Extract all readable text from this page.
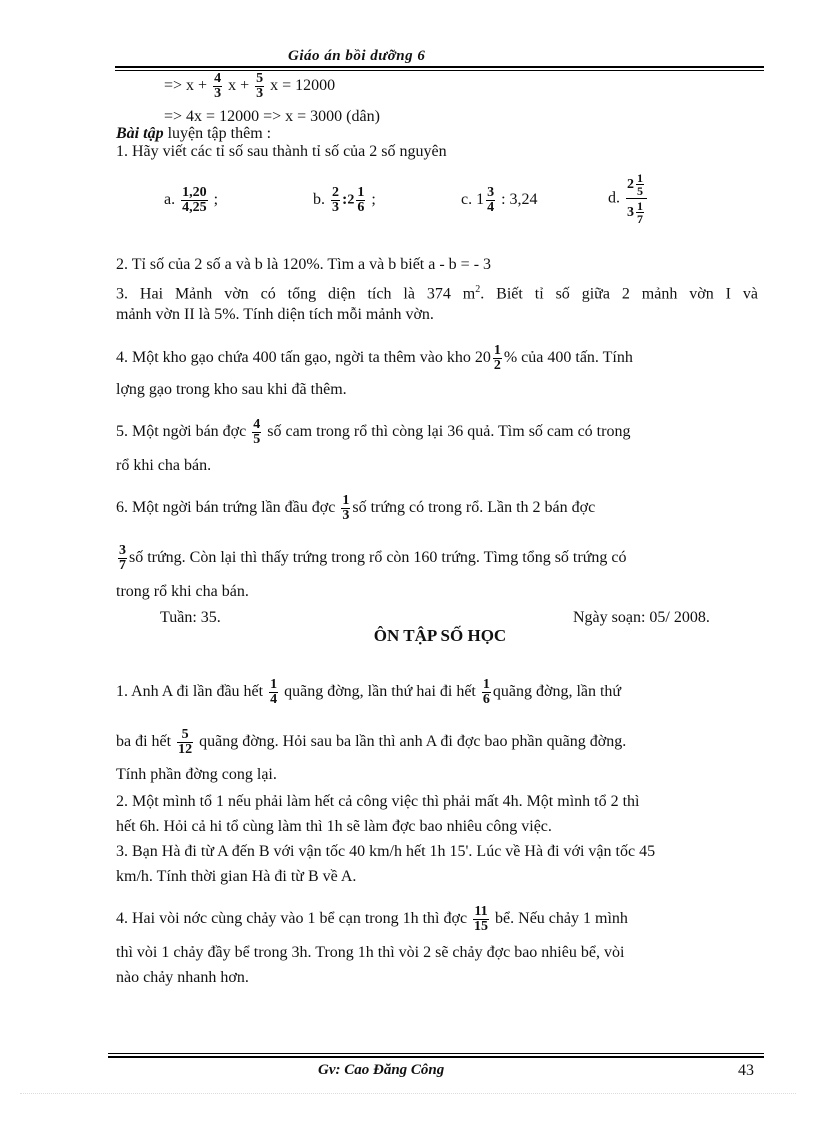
Giáo án bồi dưỡng 6
=> $x + \frac{4}{3}$ $x + \frac{5}{3}$ x = 12000
=> 4x = 12000 => x = 3000 (dân)
Bài tập luyện tập thêm :
1. Hãy viết các tỉ số sau thành tỉ số của 2 số nguyên
a. $\frac{1,20}{4,25}$ ;	b. $\frac{2}{3}$ :2 $\frac{1}{6}$ ;	c. $1 \frac{3}{4}$ : 3,24	d. $\frac{2 \frac{1}{5}}{3 \frac{1}{7}}$
2. Tỉ số của 2 số a và b là 120%. Tìm a và b biết a - b = - 3
3. Hai Mảnh vờn có tổng diện tích là 374 $m^2$. Biết tỉ số giữa 2 mảnh vờn I và
mảnh vờn II là 5%. Tính diện tích mỗi mảnh vờn.
4. Một kho gạo chứa 400 tấn gạo, ngời ta thêm vào kho $20 \frac{1}{2}$ % của 400 tấn. Tính
lợng gạo trong kho sau khi đã thêm.
5. Một ngời bán đợc $\frac{4}{5}$ số cam trong rổ thì còng lại 36 quả. Tìm số cam có trong
rổ khi cha bán.
6. Một ngời bán trứng lần đầu đợc $\frac{1}{3}$ số trứng có trong rổ. Lần th 2 bán đợc
$\frac{3}{7}$ số trứng. Còn lại thì thấy trứng trong rổ còn 160 trứng. Tìmg tổng số trứng có
trong rổ khi cha bán.
Tuần: 35.	Ngày soạn: 05/ 2008.
ÔN TẬP SỐ HỌC
1. Anh A đi lần đầu hết $\frac{1}{4}$ quãng đờng, lần thứ hai đi hết $\frac{1}{6}$ quãng đờng, lần thứ
ba đi hết $\frac{5}{12}$ quãng đờng. Hỏi sau ba lần thì anh A đi đợc bao phần quãng đờng.
Tính phần đờng cong lại.
2. Một mình tổ 1 nếu phải làm hết cả công việc thì phải mất 4h. Một mình tổ 2 thì
hết 6h. Hỏi cả hi tổ cùng làm thì 1h sẽ làm đợc bao nhiêu công việc.
3. Bạn Hà đi từ A đến B với vận tốc 40 km/h hết 1h 15'. Lúc về Hà đi với vận tốc 45
km/h. Tính thời gian Hà đi từ B về A.
4. Hai vòi nớc cùng chảy vào 1 bể cạn trong 1h thì đợc $\frac{11}{15}$ bể. Nếu chảy 1 mình
thì vòi 1 chảy đầy bể trong 3h. Trong 1h thì vòi 2 sẽ chảy đợc bao nhiêu bể, vòi
nào chảy nhanh hơn.
Gv: Cao Đăng Công	43
